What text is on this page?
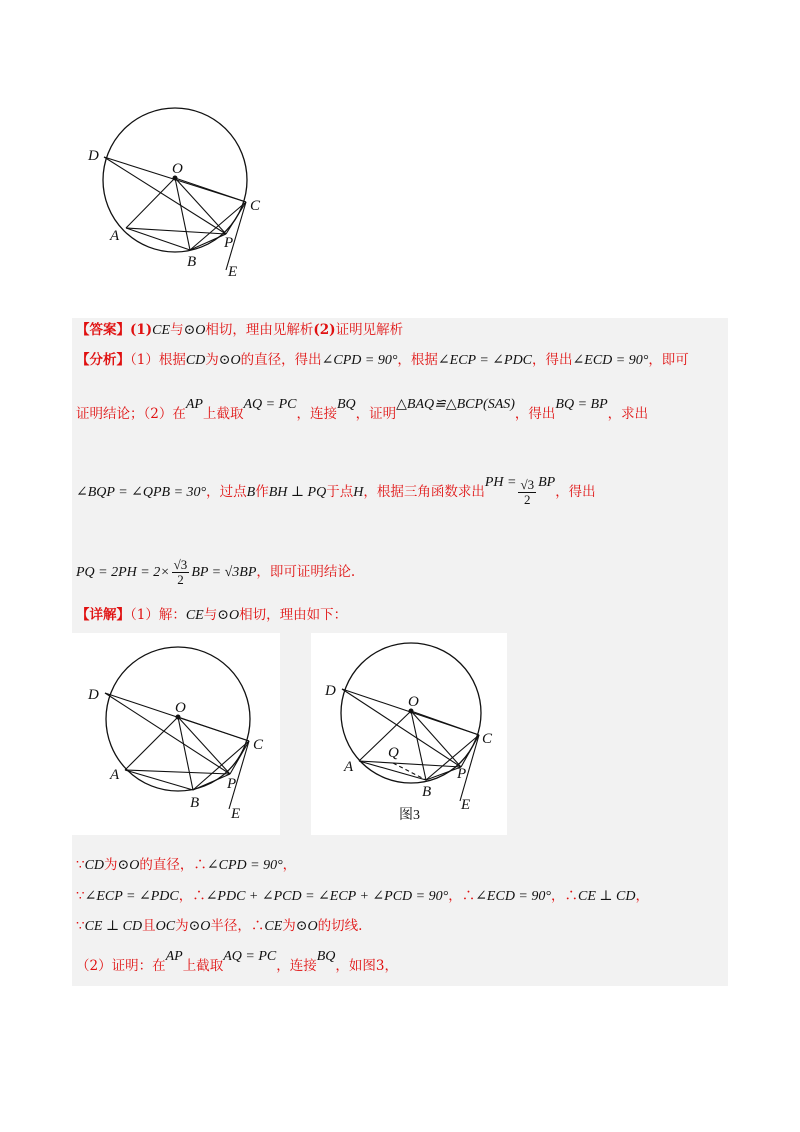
D
O
C
A	P
B
E
【答案】(1)CE与⊙O相切，理由见解析(2)证明见解析
【分析】（1）根据CD为⊙O的直径，得出∠CPD = 90°，根据∠ECP = ∠PDC，得出∠ECD = 90°，即可
证明结论；（2）在AP上截取AQ = PC，连接BQ，证明△BAQ≌△BCP(SAS)，得出BQ = BP，求出
∠BQP = ∠QPB = 30°，过点B作BH ⊥ PQ于点H，根据三角函数求出PH = $\frac{√3}{2}$ BP，得出
PQ = $2PH = 2\times \frac{√3}{2}$ BP = √3BP，即可证明结论.
【详解】（1）解：CE与⊙O相切，理由如下：
D
O
C
A
P
B
E
D
O
C
A
Q
P
B
E
图3
∵CD为⊙O的直径，∴∠CPD = 90°，
∵∠ECP = ∠PDC，∴∠PDC + ∠PCD = ∠ECP + ∠PCD = 90°，∴∠ECD = 90°，∴CE ⊥ CD，
∵CE ⊥ CD且OC为⊙O半径，∴CE为⊙O的切线.
（2）证明：在AP上截取AQ = PC，连接BQ，如图3，
